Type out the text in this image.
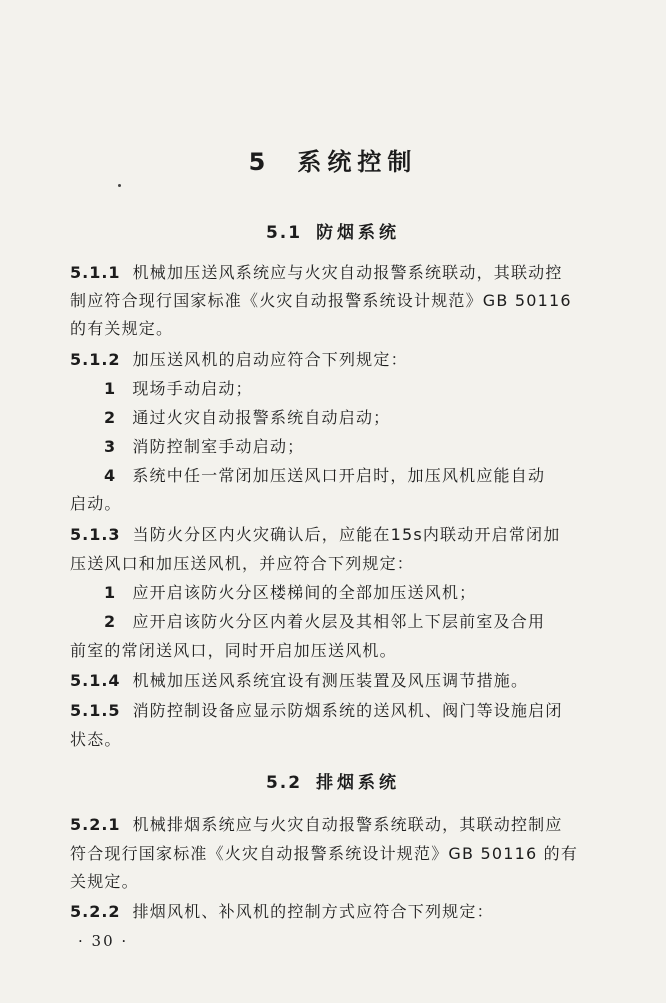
5 系统控制
5.1 防烟系统
5.1.1 机械加压送风系统应与火灾自动报警系统联动，其联动控
制应符合现行国家标准《火灾自动报警系统设计规范》GB 50116
的有关规定。
5.1.2 加压送风机的启动应符合下列规定：
1 现场手动启动；
2 通过火灾自动报警系统自动启动；
3 消防控制室手动启动；
4 系统中任一常闭加压送风口开启时，加压风机应能自动
启动。
5.1.3 当防火分区内火灾确认后，应能在15s内联动开启常闭加
压送风口和加压送风机，并应符合下列规定：
1 应开启该防火分区楼梯间的全部加压送风机；
2 应开启该防火分区内着火层及其相邻上下层前室及合用
前室的常闭送风口，同时开启加压送风机。
5.1.4 机械加压送风系统宜设有测压装置及风压调节措施。
5.1.5 消防控制设备应显示防烟系统的送风机、阀门等设施启闭
状态。
5.2 排烟系统
5.2.1 机械排烟系统应与火灾自动报警系统联动，其联动控制应
符合现行国家标准《火灾自动报警系统设计规范》GB 50116 的有
关规定。
5.2.2 排烟风机、补风机的控制方式应符合下列规定：
· 30 ·
